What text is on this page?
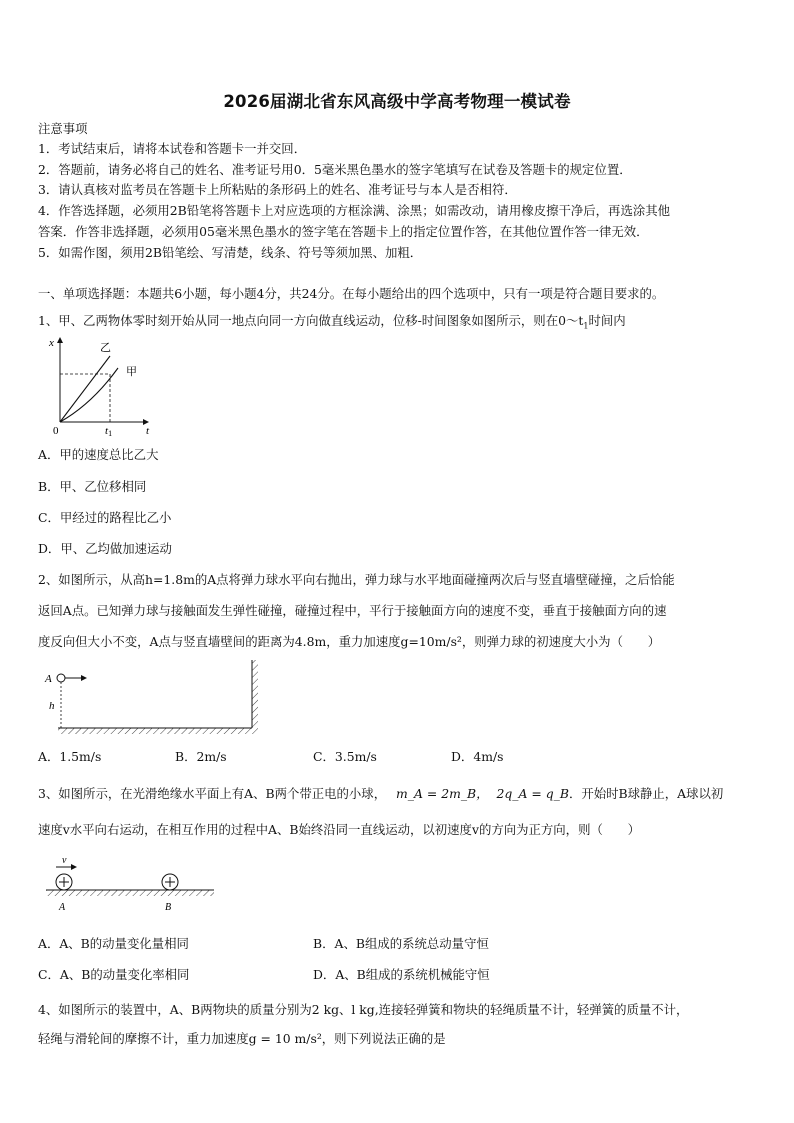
2026届湖北省东风高级中学高考物理一模试卷
注意事项
1．考试结束后，请将本试卷和答题卡一并交回．
2．答题前，请务必将自己的姓名、准考证号用0．5毫米黑色墨水的签字笔填写在试卷及答题卡的规定位置．
3．请认真核对监考员在答题卡上所粘贴的条形码上的姓名、准考证号与本人是否相符．
4．作答选择题，必须用2B铅笔将答题卡上对应选项的方框涂满、涂黑；如需改动，请用橡皮擦干净后，再选涂其他
答案．作答非选择题，必须用05毫米黑色墨水的签字笔在答题卡上的指定位置作答，在其他位置作答一律无效．
5．如需作图，须用2B铅笔绘、写清楚，线条、符号等须加黑、加粗．
一、单项选择题：本题共6小题，每小题4分，共24分。在每小题给出的四个选项中，只有一项是符合题目要求的。
1、甲、乙两物体零时刻开始从同一地点向同一方向做直线运动，位移-时间图象如图所示，则在$0\sim t_1$时间内
x
t
0	t1
乙
甲
A．甲的速度总比乙大
B．甲、乙位移相同
C．甲经过的路程比乙小
D．甲、乙均做加速运动
2、如图所示，从高h=1.8m的A点将弹力球水平向右抛出，弹力球与水平地面碰撞两次后与竖直墙壁碰撞，之后恰能
返回A点。已知弹力球与接触面发生弹性碰撞，碰撞过程中，平行于接触面方向的速度不变，垂直于接触面方向的速
度反向但大小不变，A点与竖直墙壁间的距离为4.8m，重力加速度g=10m/s²，则弹力球的初速度大小为（　　）
A
h
A．1.5m/s	B．2m/s	C．3.5m/s	D．4m/s
3、如图所示，在光滑绝缘水平面上有A、B两个带正电的小球， m_A = 2m_B， 2q_A = q_B．开始时B球静止，A球以初
速度v水平向右运动，在相互作用的过程中A、B始终沿同一直线运动，以初速度v的方向为正方向，则（　　）
v
A	B
A．A、B的动量变化量相同	B．A、B组成的系统总动量守恒
C．A、B的动量变化率相同	D．A、B组成的系统机械能守恒
4、如图所示的装置中，A、B两物块的质量分别为2 kg、l kg,连接轻弹簧和物块的轻绳质量不计，轻弹簧的质量不计，
轻绳与滑轮间的摩擦不计，重力加速度g = 10 m/s²，则下列说法正确的是
